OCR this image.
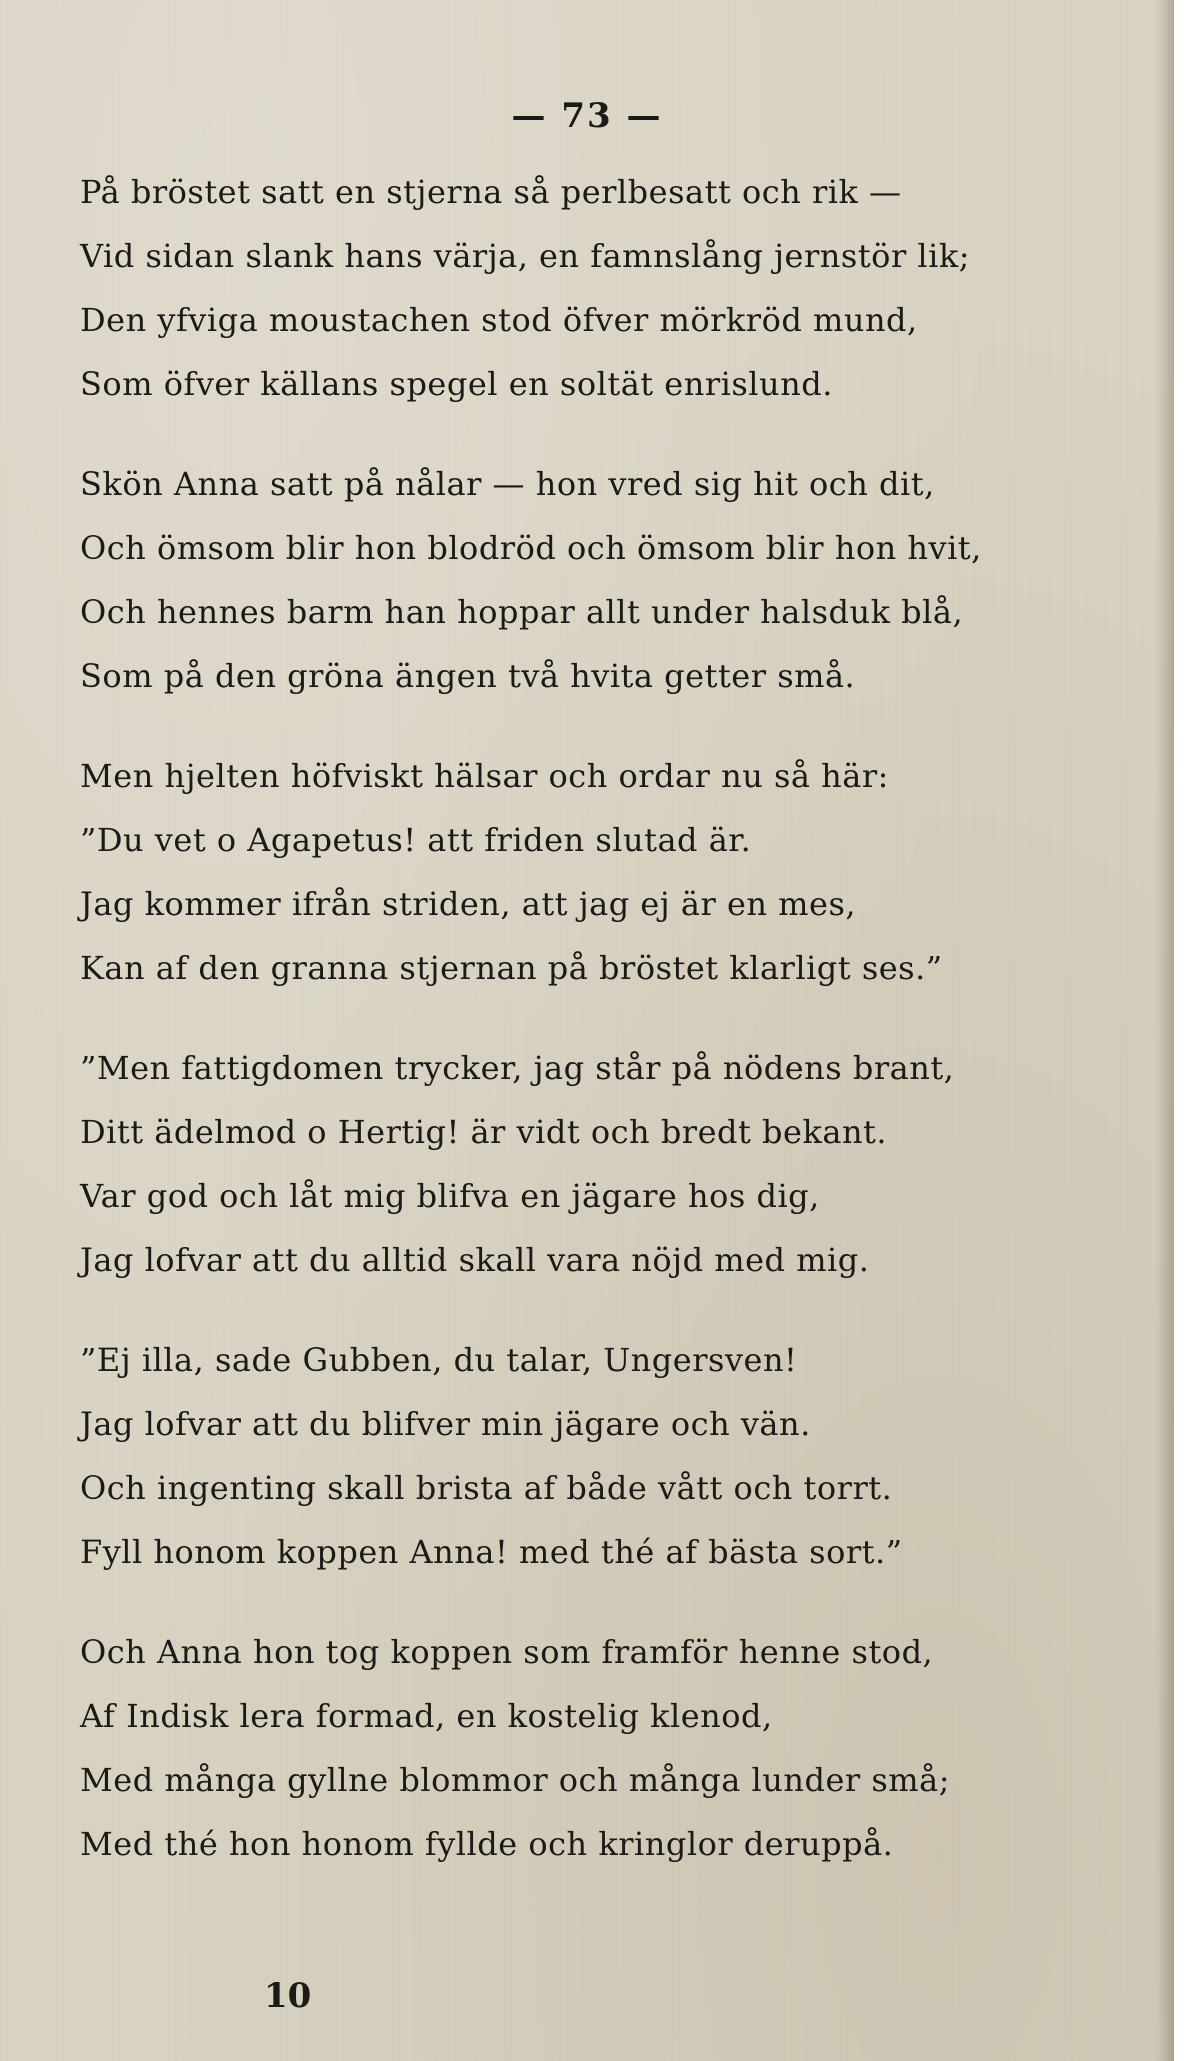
— 73 —
På bröstet satt en stjerna så perlbesatt och rik —
Vid sidan slank hans värja, en famnslång jernstör lik;
Den yfviga moustachen stod öfver mörkröd mund,
Som öfver källans spegel en soltät enrislund.
Skön Anna satt på nålar — hon vred sig hit och dit,
Och ömsom blir hon blodröd och ömsom blir hon hvit,
Och hennes barm han hoppar allt under halsduk blå,
Som på den gröna ängen två hvita getter små.
Men hjelten höfviskt hälsar och ordar nu så här:
”Du vet o Agapetus! att friden slutad är.
Jag kommer ifrån striden, att jag ej är en mes,
Kan af den granna stjernan på bröstet klarligt ses.”
”Men fattigdomen trycker, jag står på nödens brant,
Ditt ädelmod o Hertig! är vidt och bredt bekant.
Var god och låt mig blifva en jägare hos dig,
Jag lofvar att du alltid skall vara nöjd med mig.
”Ej illa, sade Gubben, du talar, Ungersven!
Jag lofvar att du blifver min jägare och vän.
Och ingenting skall brista af både vått och torrt.
Fyll honom koppen Anna! med thé af bästa sort.”
Och Anna hon tog koppen som framför henne stod,
Af Indisk lera formad, en kostelig klenod,
Med många gyllne blommor och många lunder små;
Med thé hon honom fyllde och kringlor deruppå.
10
